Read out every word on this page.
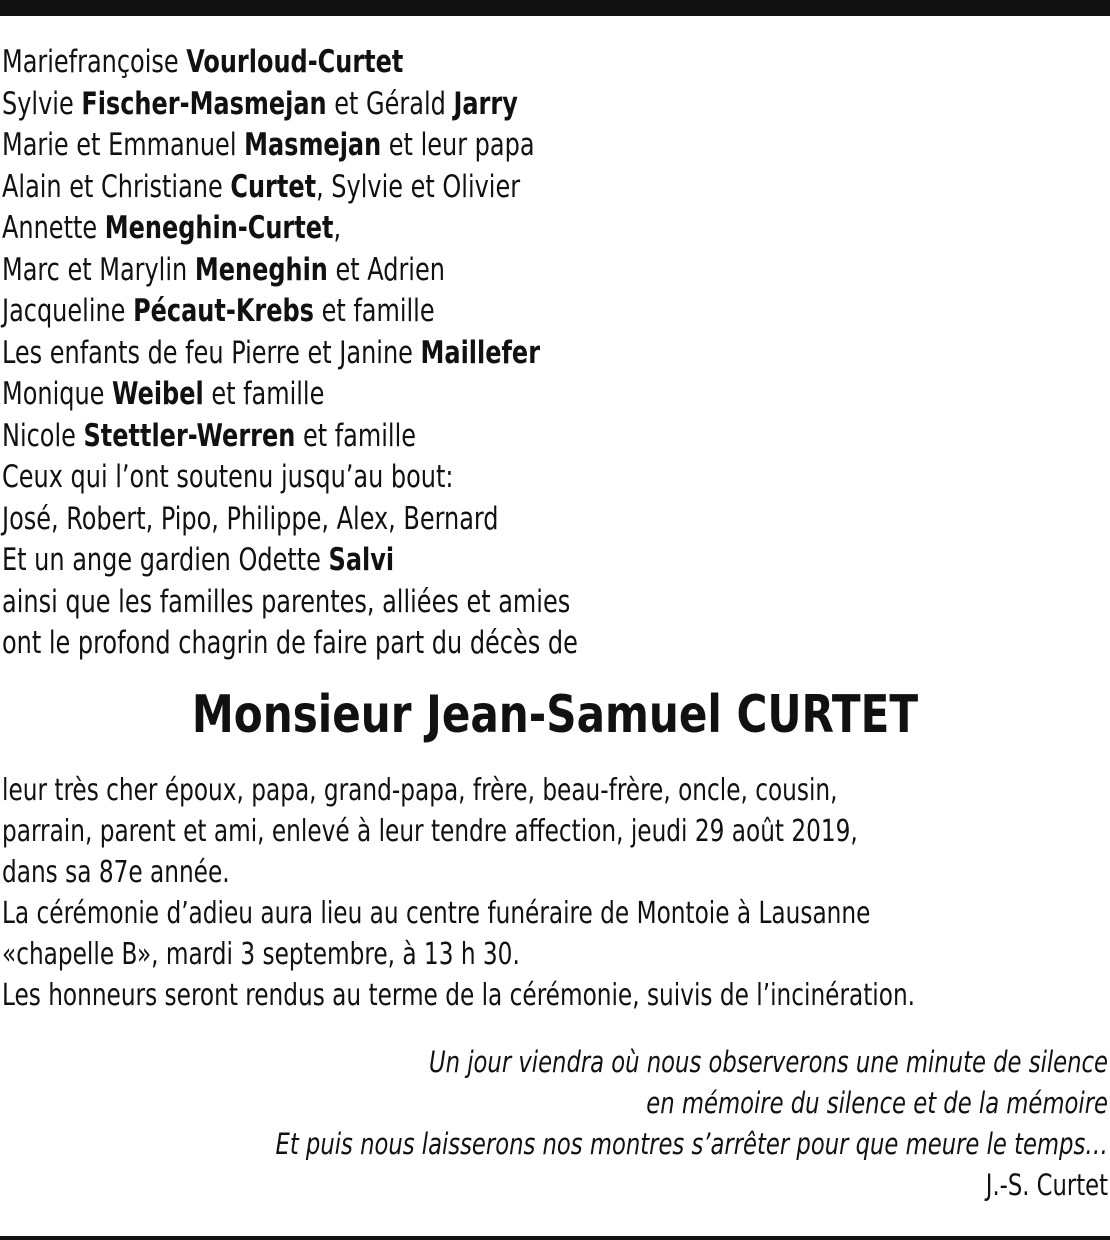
Mariefrançoise Vourloud-Curtet
Sylvie Fischer-Masmejan et Gérald Jarry
Marie et Emmanuel Masmejan et leur papa
Alain et Christiane Curtet, Sylvie et Olivier
Annette Meneghin-Curtet,
Marc et Marylin Meneghin et Adrien
Jacqueline Pécaut-Krebs et famille
Les enfants de feu Pierre et Janine Maillefer
Monique Weibel et famille
Nicole Stettler-Werren et famille
Ceux qui l’ont soutenu jusqu’au bout:
José, Robert, Pipo, Philippe, Alex, Bernard
Et un ange gardien Odette Salvi
ainsi que les familles parentes, alliées et amies
ont le profond chagrin de faire part du décès de
Monsieur Jean-Samuel CURTET
leur très cher époux, papa, grand-papa, frère, beau-frère, oncle, cousin,
parrain, parent et ami, enlevé à leur tendre affection, jeudi 29 août 2019,
dans sa 87e année.
La cérémonie d’adieu aura lieu au centre funéraire de Montoie à Lausanne
«chapelle B», mardi 3 septembre, à 13 h 30.
Les honneurs seront rendus au terme de la cérémonie, suivis de l’incinération.
Un jour viendra où nous observerons une minute de silence
en mémoire du silence et de la mémoire
Et puis nous laisserons nos montres s’arrêter pour que meure le temps…
J.-S. Curtet
